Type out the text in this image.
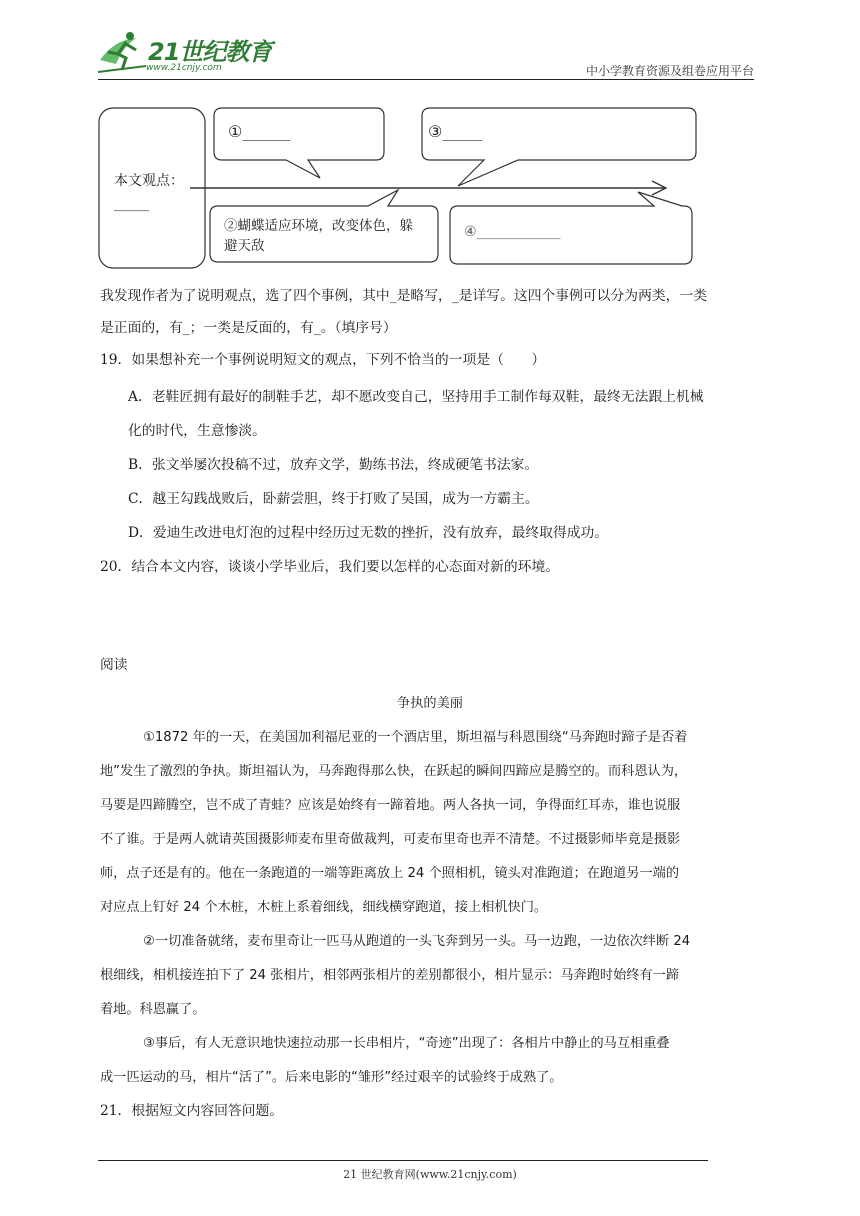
21世纪教育
www.21cnjy.com	中小学教育资源及组卷应用平台
本文观点：
_____
①______	③_____
②蝴蝶适应环境，改变体色，躲
避天敌
④____________
我发现作者为了说明观点，选了四个事例，其中_是略写，_是详写。这四个事例可以分为两类，一类
是正面的，有_；一类是反面的，有_。（填序号）
19．如果想补充一个事例说明短文的观点，下列不恰当的一项是（　　）
A．老鞋匠拥有最好的制鞋手艺，却不愿改变自己，坚持用手工制作每双鞋，最终无法跟上机械
化的时代，生意惨淡。
B．张文举屡次投稿不过，放弃文学，勤练书法，终成硬笔书法家。
C．越王勾践战败后，卧薪尝胆，终于打败了吴国，成为一方霸主。
D．爱迪生改进电灯泡的过程中经历过无数的挫折，没有放弃，最终取得成功。
20．结合本文内容，谈谈小学毕业后，我们要以怎样的心态面对新的环境。
阅读
争执的美丽
①1872 年的一天，在美国加利福尼亚的一个酒店里，斯坦福与科恩围绕“马奔跑时蹄子是否着
地”发生了激烈的争执。斯坦福认为，马奔跑得那么快，在跃起的瞬间四蹄应是腾空的。而科恩认为，
马要是四蹄腾空，岂不成了青蛙？应该是始终有一蹄着地。两人各执一词，争得面红耳赤，谁也说服
不了谁。于是两人就请英国摄影师麦布里奇做裁判，可麦布里奇也弄不清楚。不过摄影师毕竟是摄影
师，点子还是有的。他在一条跑道的一端等距离放上 24 个照相机，镜头对准跑道；在跑道另一端的
对应点上钉好 24 个木桩，木桩上系着细线，细线横穿跑道，接上相机快门。
②一切准备就绪，麦布里奇让一匹马从跑道的一头飞奔到另一头。马一边跑，一边依次绊断 24
根细线，相机接连拍下了 24 张相片，相邻两张相片的差别都很小，相片显示：马奔跑时始终有一蹄
着地。科恩赢了。
③事后，有人无意识地快速拉动那一长串相片，“奇迹”出现了：各相片中静止的马互相重叠
成一匹运动的马，相片“活了”。后来电影的“雏形”经过艰辛的试验终于成熟了。
21．根据短文内容回答问题。
21 世纪教育网(www.21cnjy.com)
